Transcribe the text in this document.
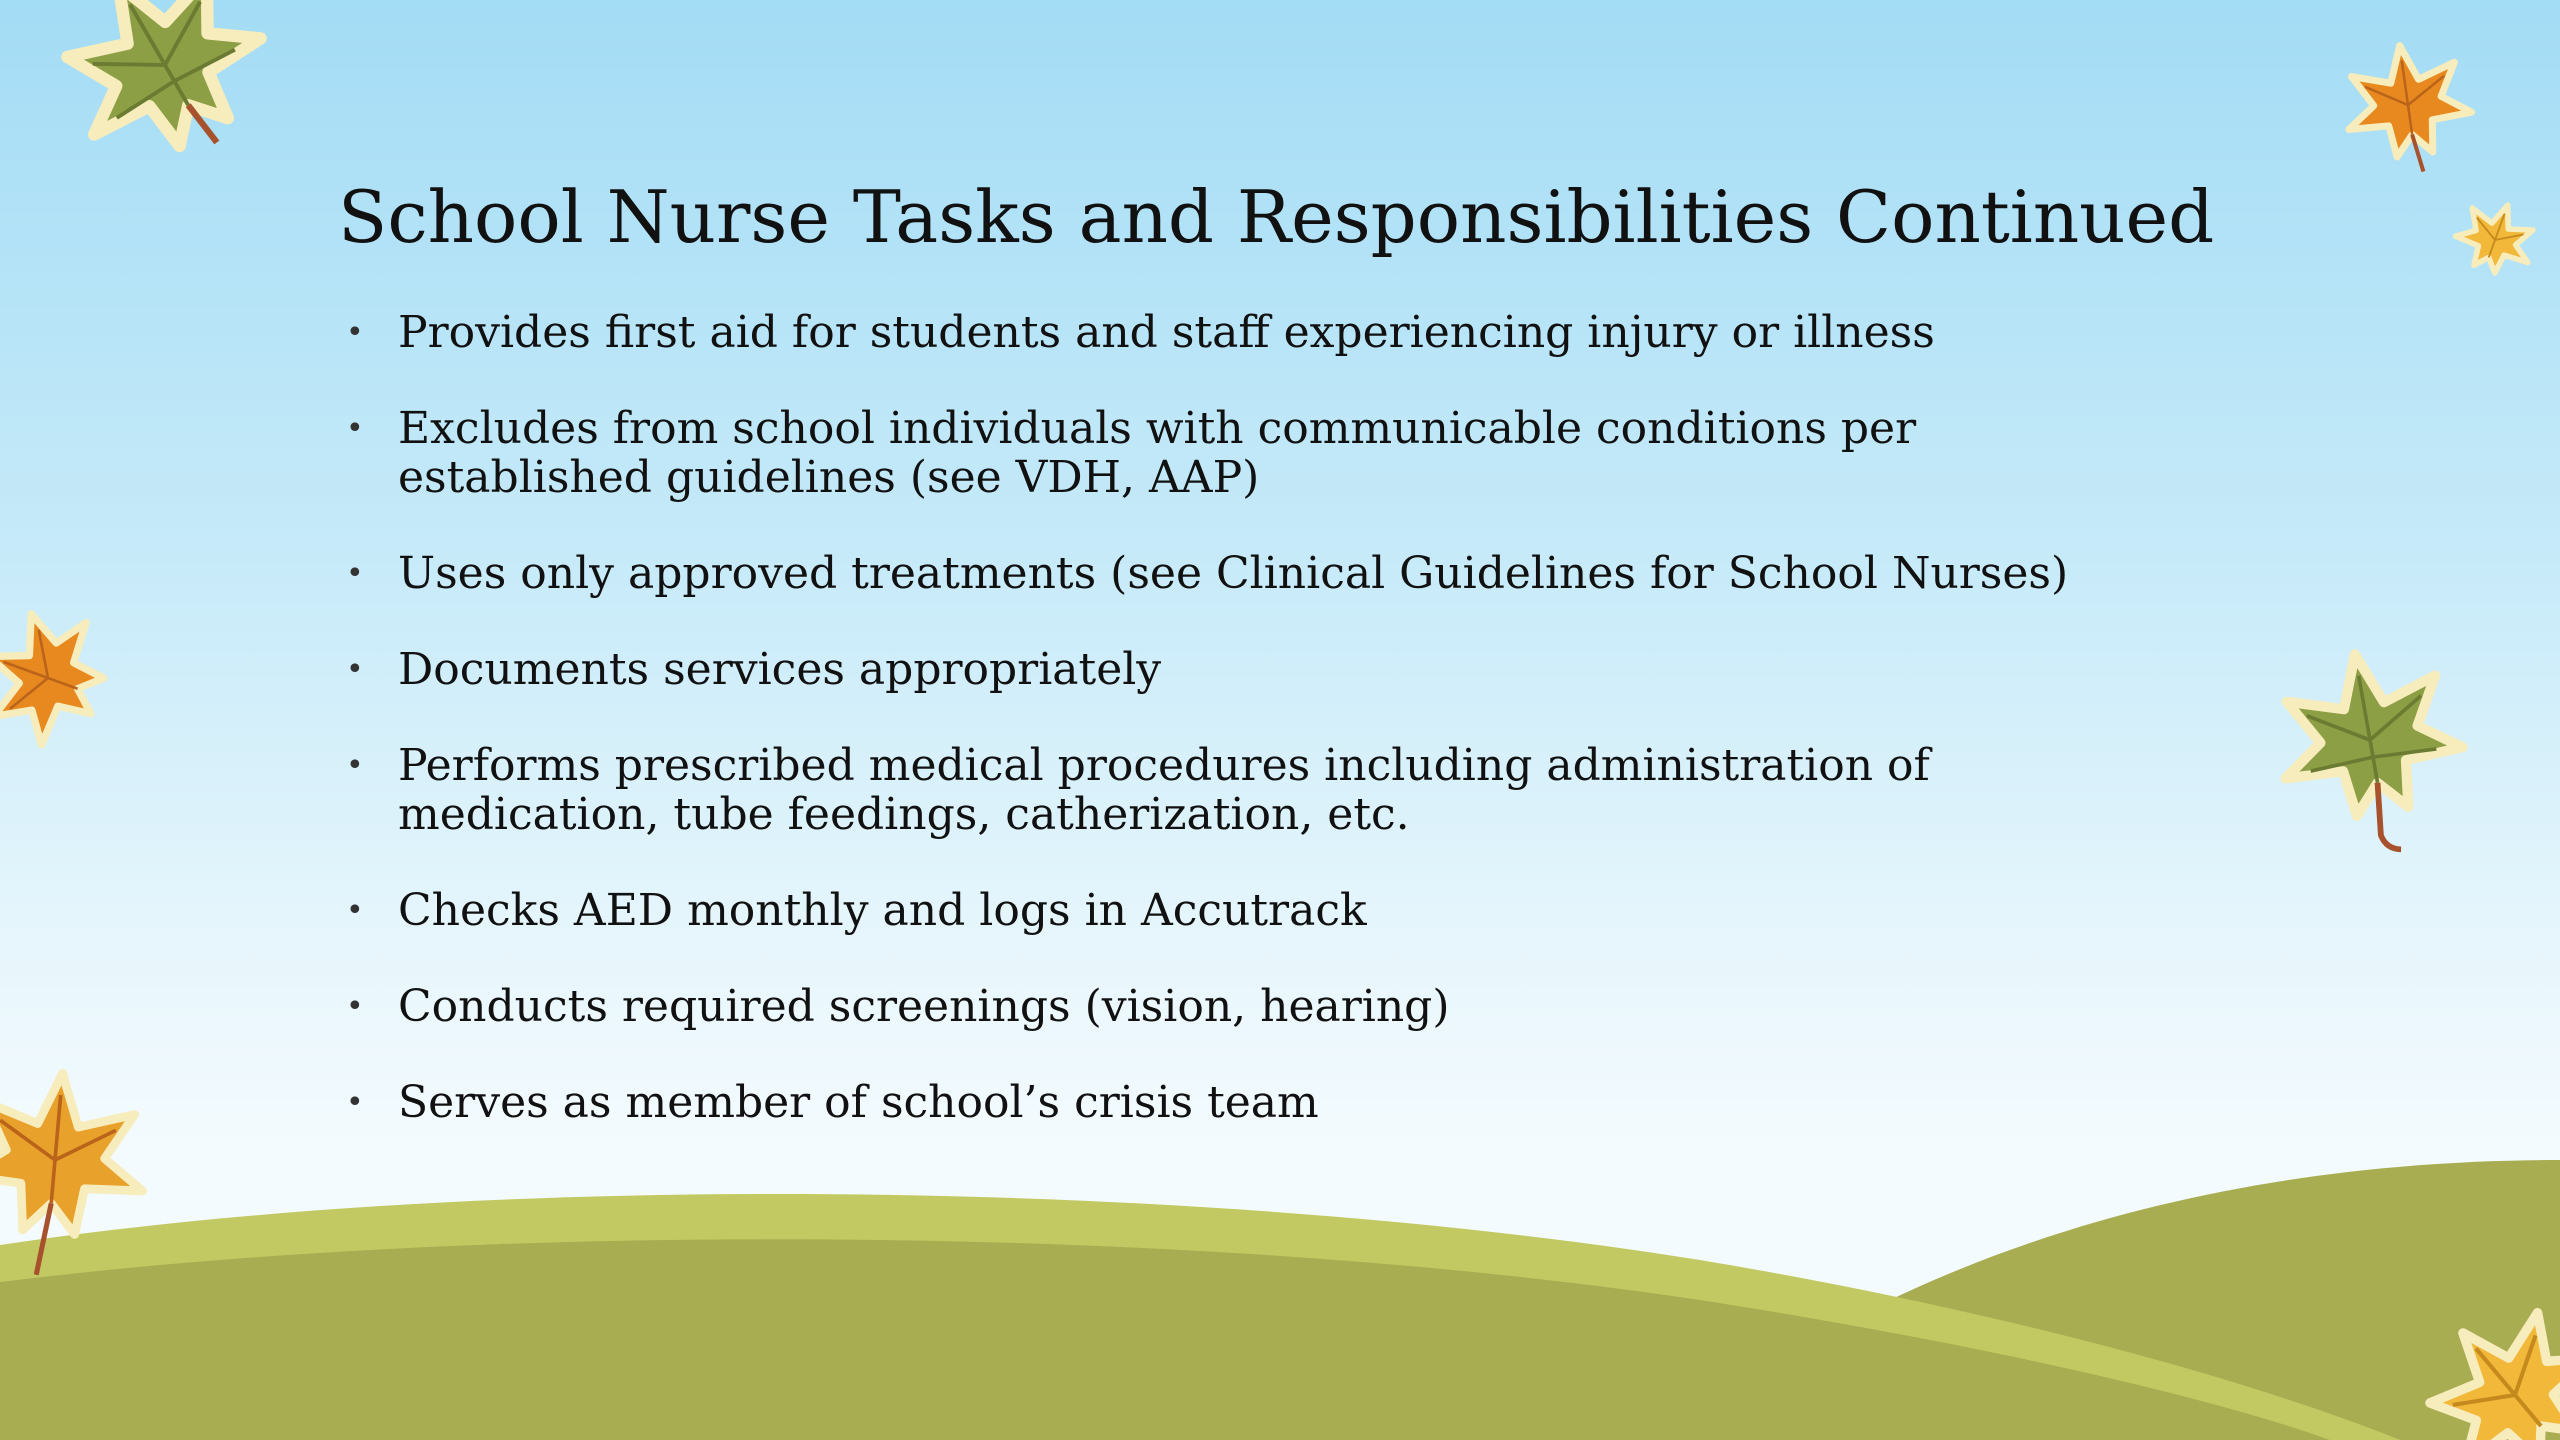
School Nurse Tasks and Responsibilities Continued
• Provides first aid for students and staff experiencing injury or illness
• Excludes from school individuals with communicable conditions per established guidelines (see VDH, AAP)
• Uses only approved treatments (see Clinical Guidelines for School Nurses)
• Documents services appropriately
• Performs prescribed medical procedures including administration of medication, tube feedings, catherization, etc.
• Checks AED monthly and logs in Accutrack
• Conducts required screenings (vision, hearing)
• Serves as member of school’s crisis team
